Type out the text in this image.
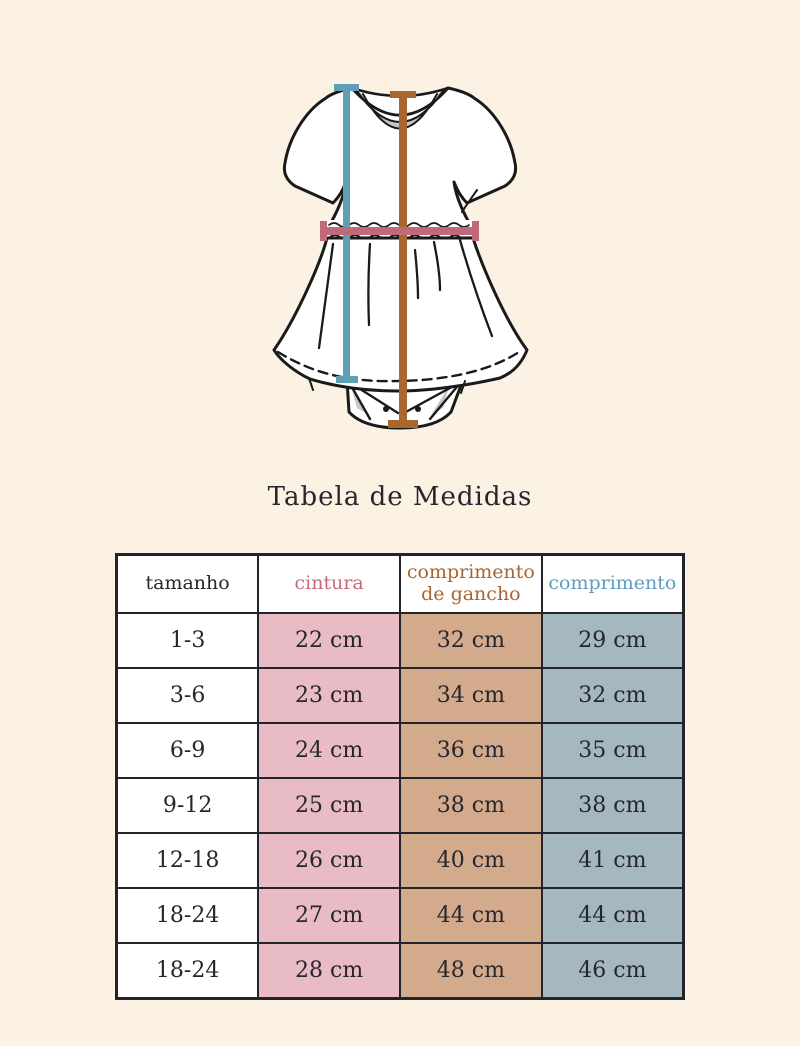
Tabela de Medidas
tamanho	cintura	comprimento de gancho	comprimento
1-3	22 cm	32 cm	29 cm
3-6	23 cm	34 cm	32 cm
6-9	24 cm	36 cm	35 cm
9-12	25 cm	38 cm	38 cm
12-18	26 cm	40 cm	41 cm
18-24	27 cm	44 cm	44 cm
18-24	28 cm	48 cm	46 cm
